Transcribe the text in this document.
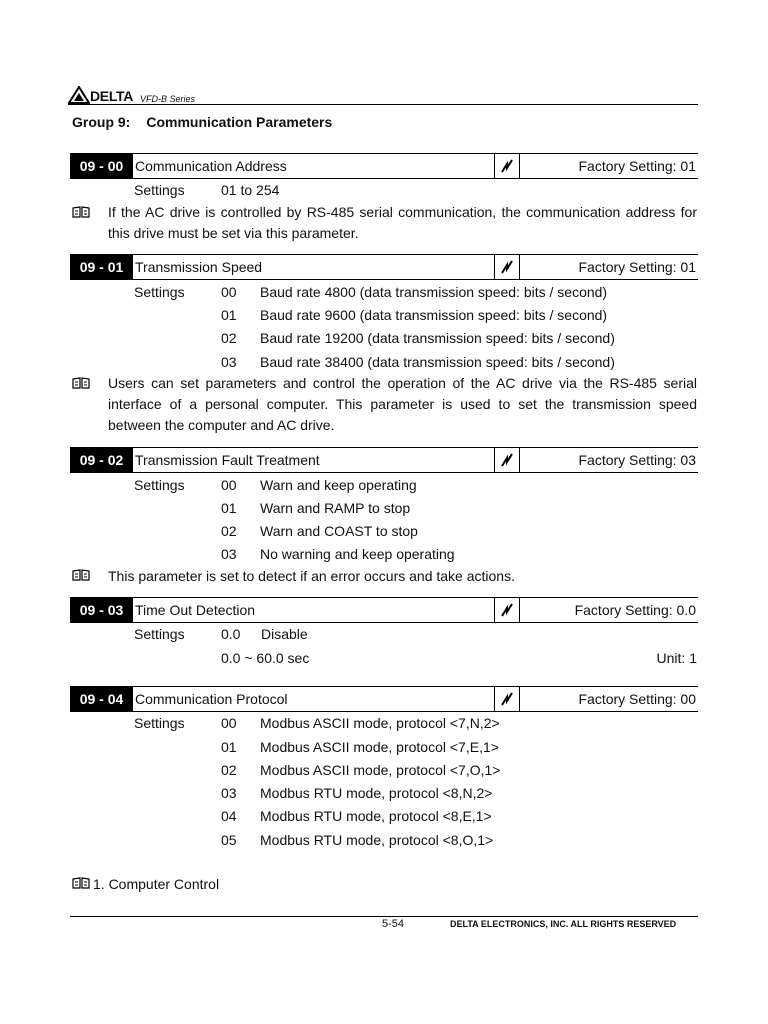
DELTA VFD-B Series
Group 9: Communication Parameters
09 - 00 Communication Address	Factory Setting: 01
Settings	01 to 254
If the AC drive is controlled by RS-485 serial communication, the communication address for this drive must be set via this parameter.
09 - 01 Transmission Speed	Factory Setting: 01
Settings	00 Baud rate 4800 (data transmission speed: bits / second)
01 Baud rate 9600 (data transmission speed: bits / second)
02 Baud rate 19200 (data transmission speed: bits / second)
03 Baud rate 38400 (data transmission speed: bits / second)
Users can set parameters and control the operation of the AC drive via the RS-485 serial interface of a personal computer. This parameter is used to set the transmission speed between the computer and AC drive.
09 - 02 Transmission Fault Treatment	Factory Setting: 03
Settings	00 Warn and keep operating
01 Warn and RAMP to stop
02 Warn and COAST to stop
03 No warning and keep operating
This parameter is set to detect if an error occurs and take actions.
09 - 03 Time Out Detection	Factory Setting: 0.0
Settings	0.0 Disable
0.0 ~ 60.0 sec	Unit: 1
09 - 04 Communication Protocol	Factory Setting: 00
Settings	00 Modbus ASCII mode, protocol <7,N,2>
01 Modbus ASCII mode, protocol <7,E,1>
02 Modbus ASCII mode, protocol <7,O,1>
03 Modbus RTU mode, protocol <8,N,2>
04 Modbus RTU mode, protocol <8,E,1>
05 Modbus RTU mode, protocol <8,O,1>
1. Computer Control
5-54	DELTA ELECTRONICS, INC. ALL RIGHTS RESERVED
